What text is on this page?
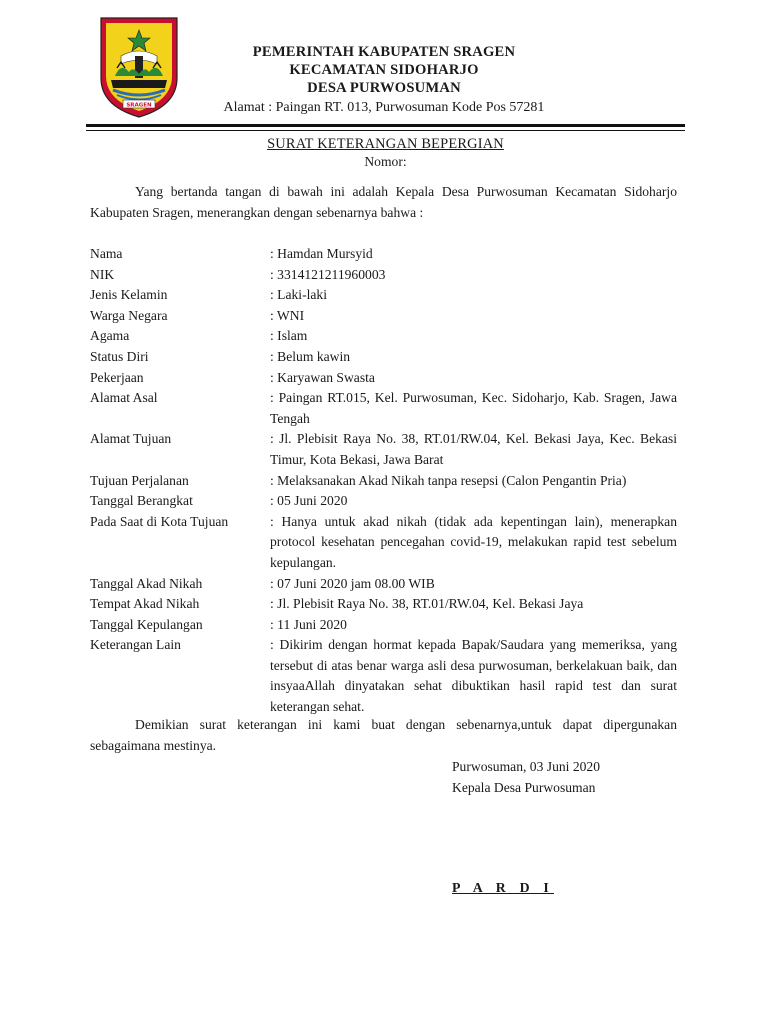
SRAGEN
PEMERINTAH KABUPATEN SRAGEN
KECAMATAN SIDOHARJO
DESA PURWOSUMAN
Alamat : Paingan RT. 013, Purwosuman Kode Pos 57281
SURAT KETERANGAN BEPERGIAN
Nomor:
Yang bertanda tangan di bawah ini adalah Kepala Desa Purwosuman Kecamatan Sidoharjo Kabupaten Sragen, menerangkan dengan sebenarnya bahwa :
Nama	: Hamdan Mursyid
NIK	: 3314121211960003
Jenis Kelamin	: Laki-laki
Warga Negara	: WNI
Agama	: Islam
Status Diri	: Belum kawin
Pekerjaan	: Karyawan Swasta
Alamat Asal	: Paingan RT.015, Kel. Purwosuman, Kec. Sidoharjo, Kab. Sragen, Jawa Tengah
Alamat Tujuan	: Jl. Plebisit Raya No. 38, RT.01/RW.04, Kel. Bekasi Jaya, Kec. Bekasi Timur, Kota Bekasi, Jawa Barat
Tujuan Perjalanan	: Melaksanakan Akad Nikah tanpa resepsi (Calon Pengantin Pria)
Tanggal Berangkat	: 05 Juni 2020
Pada Saat di Kota Tujuan	: Hanya untuk akad nikah (tidak ada kepentingan lain), menerapkan protocol kesehatan pencegahan covid-19, melakukan rapid test sebelum kepulangan.
Tanggal Akad Nikah	: 07 Juni 2020 jam 08.00 WIB
Tempat Akad Nikah	: Jl. Plebisit Raya No. 38, RT.01/RW.04, Kel. Bekasi Jaya
Tanggal Kepulangan	: 11 Juni 2020
Keterangan Lain	: Dikirim dengan hormat kepada Bapak/Saudara yang memeriksa, yang tersebut di atas benar warga asli desa purwosuman, berkelakuan baik, dan insyaaAllah dinyatakan sehat dibuktikan hasil rapid test dan surat keterangan sehat.
Demikian surat keterangan ini kami buat dengan sebenarnya,untuk dapat dipergunakan sebagaimana mestinya.
Purwosuman, 03 Juni 2020
Kepala Desa Purwosuman
P A R D I
